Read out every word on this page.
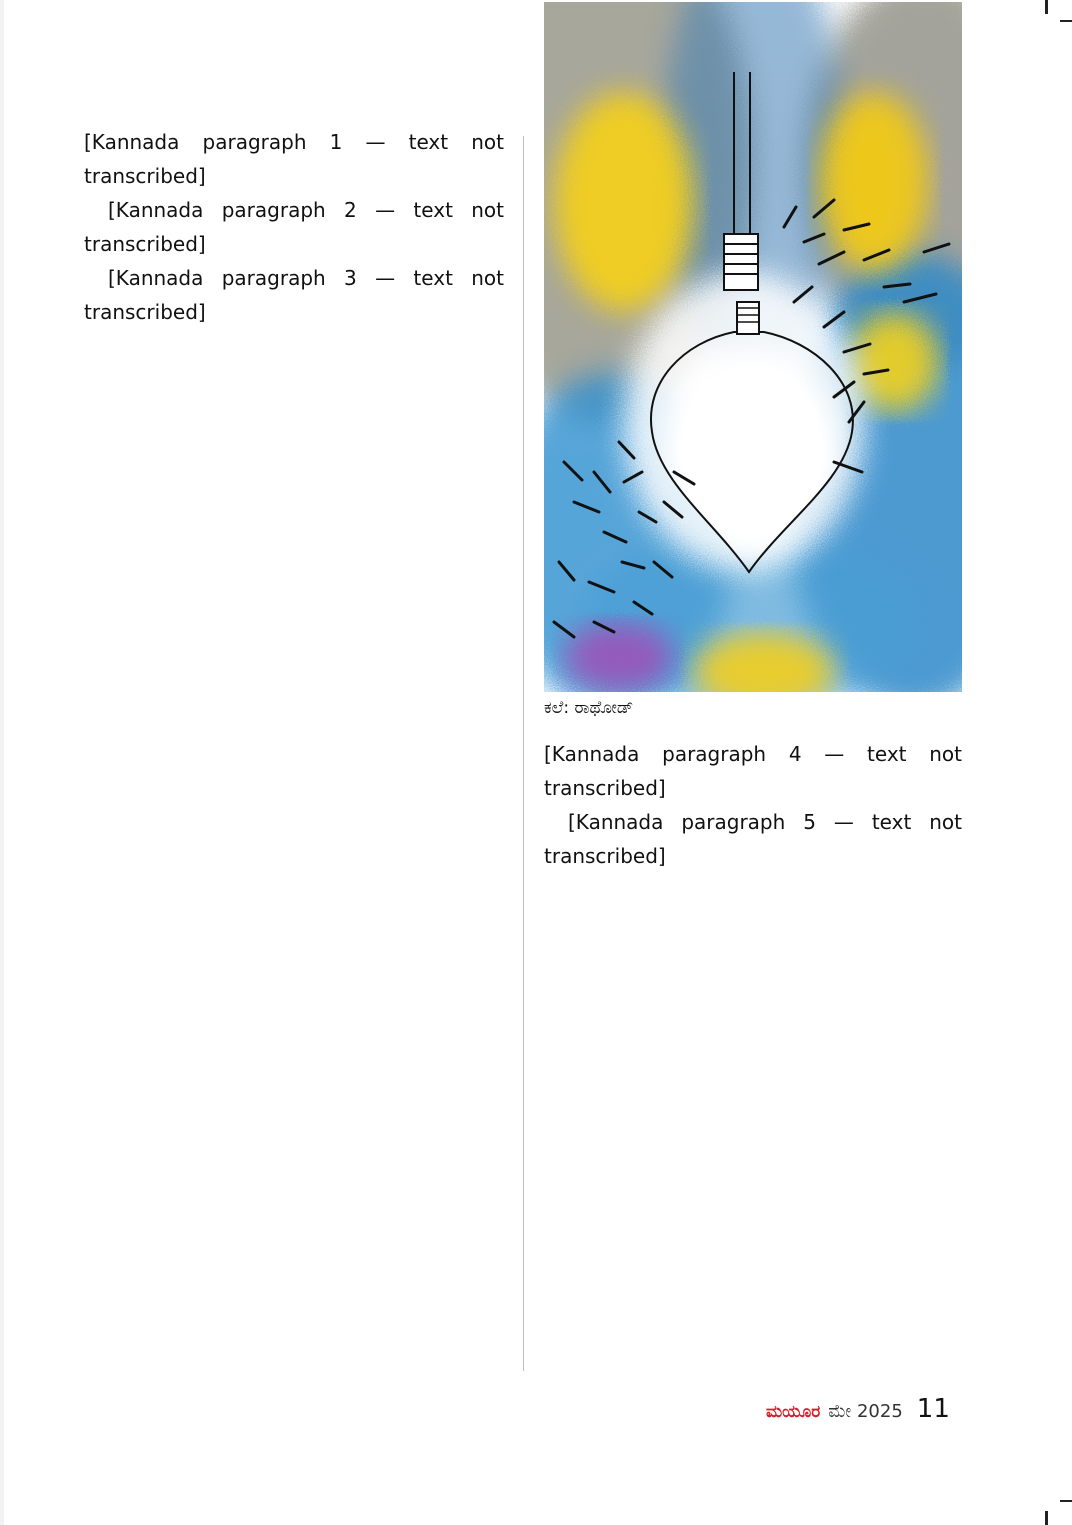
[Kannada paragraph 1 — text not transcribed]

[Kannada paragraph 2 — text not transcribed]

[Kannada paragraph 3 — text not transcribed]

ಕಲೆ: ರಾಥೋಡ್

[Kannada paragraph 4 — text not transcribed]

[Kannada paragraph 5 — text not transcribed]

ಮಯೂರ ಮೇ 2025 11
